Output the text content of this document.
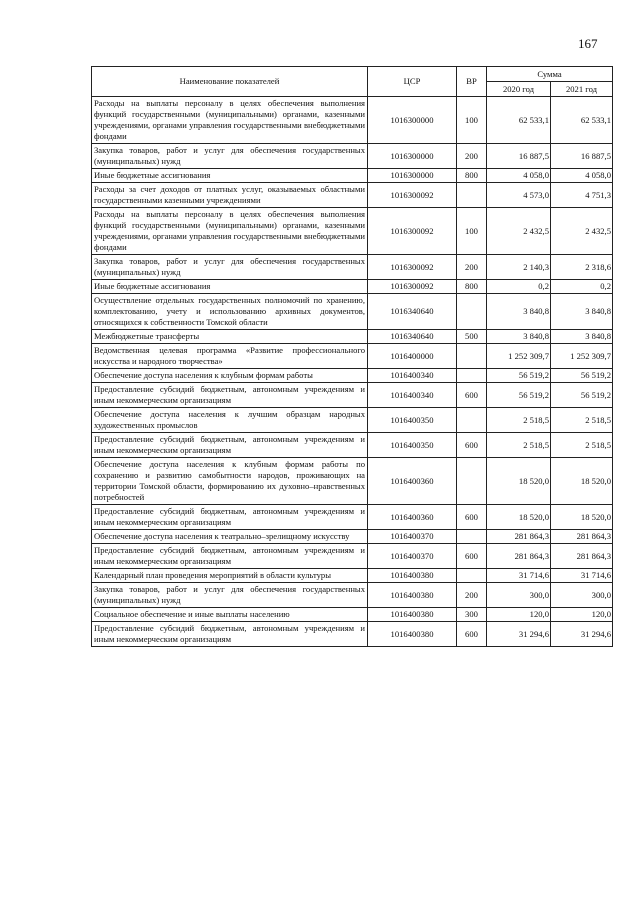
167
Наименование показателей	ЦСР	ВР	Сумма	
			2020 год	2021 год
Расходы на выплаты персоналу в целях обеспечения выполнения функций государственными (муниципальными) органами, казенными учреждениями, органами управления государственными внебюджетными фондами	1016300000	100	62 533,1	62 533,1
Закупка товаров, работ и услуг для обеспечения государственных (муниципальных) нужд	1016300000	200	16 887,5	16 887,5
Иные бюджетные ассигнования	1016300000	800	4 058,0	4 058,0
Расходы за счет доходов от платных услуг, оказываемых областными государственными казенными учреждениями	1016300092		4 573,0	4 751,3
Расходы на выплаты персоналу в целях обеспечения выполнения функций государственными (муниципальными) органами, казенными учреждениями, органами управления государственными внебюджетными фондами	1016300092	100	2 432,5	2 432,5
Закупка товаров, работ и услуг для обеспечения государственных (муниципальных) нужд	1016300092	200	2 140,3	2 318,6
Иные бюджетные ассигнования	1016300092	800	0,2	0,2
Осуществление отдельных государственных полномочий по хранению, комплектованию, учету и использованию архивных документов, относящихся к собственности Томской области	1016340640		3 840,8	3 840,8
Межбюджетные трансферты	1016340640	500	3 840,8	3 840,8
Ведомственная целевая программа «Развитие профессионального искусства и народного творчества»	1016400000		1 252 309,7	1 252 309,7
Обеспечение доступа населения к клубным формам работы	1016400340		56 519,2	56 519,2
Предоставление субсидий бюджетным, автономным учреждениям и иным некоммерческим организациям	1016400340	600	56 519,2	56 519,2
Обеспечение доступа населения к лучшим образцам народных художественных промыслов	1016400350		2 518,5	2 518,5
Предоставление субсидий бюджетным, автономным учреждениям и иным некоммерческим организациям	1016400350	600	2 518,5	2 518,5
Обеспечение доступа населения к клубным формам работы по сохранению и развитию самобытности народов, проживающих на территории Томской области, формированию их духовно–нравственных потребностей	1016400360		18 520,0	18 520,0
Предоставление субсидий бюджетным, автономным учреждениям и иным некоммерческим организациям	1016400360	600	18 520,0	18 520,0
Обеспечение доступа населения к театрально–зрелищному искусству	1016400370		281 864,3	281 864,3
Предоставление субсидий бюджетным, автономным учреждениям и иным некоммерческим организациям	1016400370	600	281 864,3	281 864,3
Календарный план проведения мероприятий в области культуры	1016400380		31 714,6	31 714,6
Закупка товаров, работ и услуг для обеспечения государственных (муниципальных) нужд	1016400380	200	300,0	300,0
Социальное обеспечение и иные выплаты населению	1016400380	300	120,0	120,0
Предоставление субсидий бюджетным, автономным учреждениям и иным некоммерческим организациям	1016400380	600	31 294,6	31 294,6
